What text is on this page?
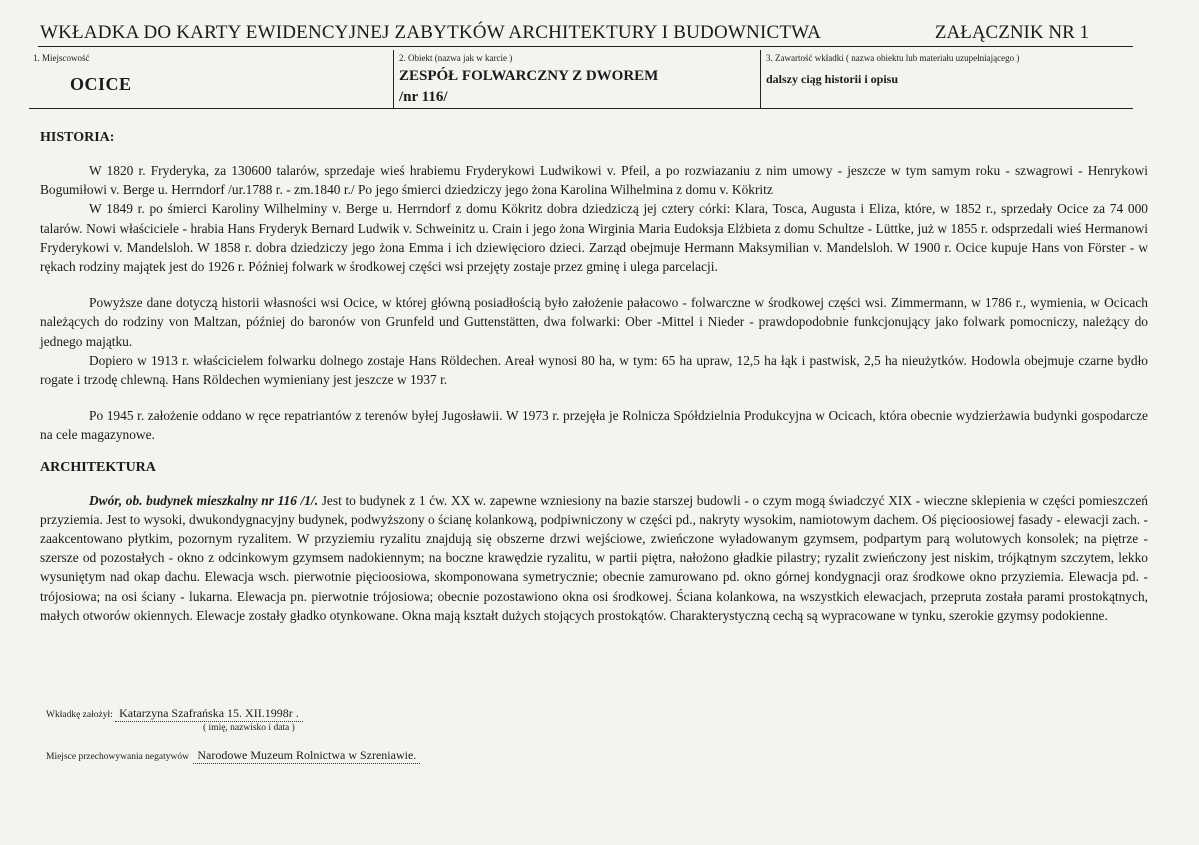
WKŁADKA DO KARTY EWIDENCYJNEJ ZABYTKÓW ARCHITEKTURY I BUDOWNICTWA	ZAŁĄCZNIK NR 1
1. Miejscowość
OCICE
2. Obiekt (nazwa jak w karcie )
ZESPÓŁ FOLWARCZNY Z DWOREM
/nr 116/
3. Zawartość wkładki ( nazwa obiektu lub materiału uzupełniającego )
dalszy ciąg historii i opisu
HISTORIA:

W 1820 r. Fryderyka, za 130600 talarów, sprzedaje wieś hrabiemu Fryderykowi Ludwikowi v. Pfeil, a po rozwiazaniu z nim umowy - jeszcze w tym samym roku - szwagrowi - Henrykowi Bogumiłowi v. Berge u. Herrndorf /ur.1788 r. - zm.1840 r./ Po jego śmierci dziedziczy jego żona Karolina Wilhelmina z domu v. Kökritz

W 1849 r. po śmierci Karoliny Wilhelminy v. Berge u. Herrndorf z domu Kökritz dobra dziedziczą jej cztery córki: Klara, Tosca, Augusta i Eliza, które, w 1852 r., sprzedały Ocice za 74 000 talarów. Nowi właściciele - hrabia Hans Fryderyk Bernard Ludwik v. Schweinitz u. Crain i jego żona Wirginia Maria Eudoksja Elżbieta z domu Schultze - Lüttke, już w 1855 r. odsprzedali wieś Hermanowi Fryderykowi v. Mandelsloh. W 1858 r. dobra dziedziczy jego żona Emma i ich dziewięcioro dzieci. Zarząd obejmuje Hermann Maksymilian v. Mandelsloh. W 1900 r. Ocice kupuje Hans von Förster - w rękach rodziny majątek jest do 1926 r. Później folwark w środkowej części wsi przejęty zostaje przez gminę i ulega parcelacji.

Powyższe dane dotyczą historii własności wsi Ocice, w której główną posiadłością było założenie pałacowo - folwarczne w środkowej części wsi. Zimmermann, w 1786 r., wymienia, w Ocicach należących do rodziny von Maltzan, później do baronów von Grunfeld und Guttenstätten, dwa folwarki: Ober -Mittel i Nieder - prawdopodobnie funkcjonujący jako folwark pomocniczy, należący do jednego majątku.

Dopiero w 1913 r. właścicielem folwarku dolnego zostaje Hans Röldechen. Areał wynosi 80 ha, w tym: 65 ha upraw, 12,5 ha łąk i pastwisk, 2,5 ha nieużytków. Hodowla obejmuje czarne bydło rogate i trzodę chlewną. Hans Röldechen wymieniany jest jeszcze w 1937 r.

Po 1945 r. założenie oddano w ręce repatriantów z terenów byłej Jugosławii. W 1973 r. przejęła je Rolnicza Spółdzielnia Produkcyjna w Ocicach, która obecnie wydzierżawia budynki gospodarcze na cele magazynowe.

ARCHITEKTURA

Dwór, ob. budynek mieszkalny nr 116 /1/. Jest to budynek z 1 ćw. XX w. zapewne wzniesiony na bazie starszej budowli - o czym mogą świadczyć XIX - wieczne sklepienia w części pomieszczeń przyziemia. Jest to wysoki, dwukondygnacyjny budynek, podwyższony o ścianę kolankową, podpiwniczony w części pd., nakryty wysokim, namiotowym dachem. Oś pięcioosiowej fasady - elewacji zach. - zaakcentowano płytkim, pozornym ryzalitem. W przyziemiu ryzalitu znajdują się obszerne drzwi wejściowe, zwieńczone wyładowanym gzymsem, podpartym parą wolutowych konsolek; na piętrze - szersze od pozostałych - okno z odcinkowym gzymsem nadokiennym; na boczne krawędzie ryzalitu, w partii piętra, nałożono gładkie pilastry; ryzalit zwieńczony jest niskim, trójkątnym szczytem, lekko wysuniętym nad okap dachu. Elewacja wsch. pierwotnie pięcioosiowa, skomponowana symetrycznie; obecnie zamurowano pd. okno górnej kondygnacji oraz środkowe okno przyziemia. Elewacja pd. - trójosiowa; na osi ściany - lukarna. Elewacja pn. pierwotnie trójosiowa; obecnie pozostawiono okna osi środkowej. Ściana kolankowa, na wszystkich elewacjach, przepruta została parami prostokątnych, małych otworów okiennych. Elewacje zostały gładko otynkowane. Okna mają kształt dużych stojących prostokątów. Charakterystyczną cechą są wypracowane w tynku, szerokie gzymsy podokienne.

Wkładkę założył: Katarzyna Szafrańska 15. XII.1998r .
( imię, nazwisko i data )
Miejsce przechowywania negatywów Narodowe Muzeum Rolnictwa w Szreniawie.
